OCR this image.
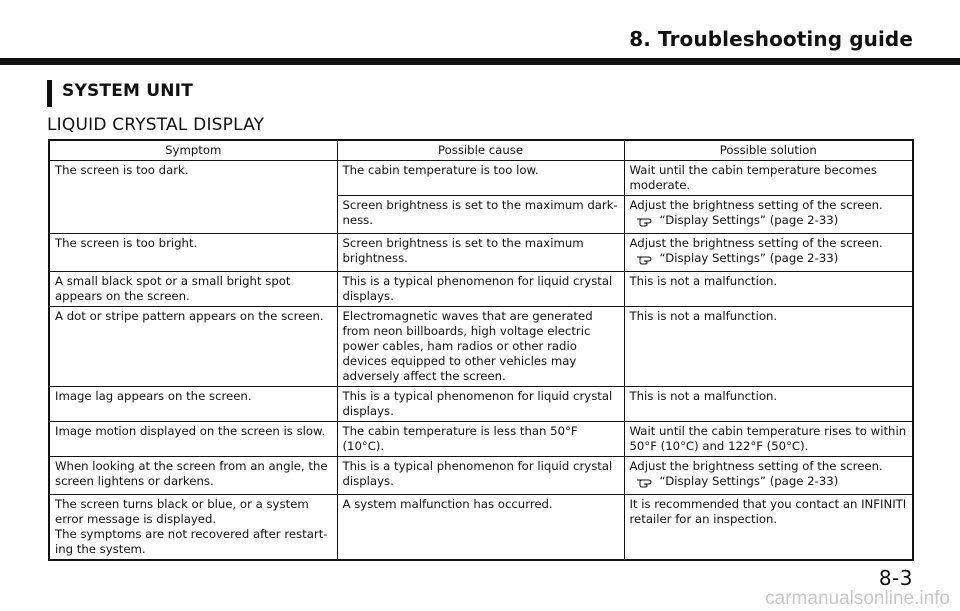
8. Troubleshooting guide
SYSTEM UNIT
LIQUID CRYSTAL DISPLAY
Symptom	Possible cause	Possible solution
The screen is too dark.	The cabin temperature is too low.	Wait until the cabin temperature becomes moderate.
	Screen brightness is set to the maximum dark-ness.	Adjust the brightness setting of the screen.
“Display Settings” (page 2-33)

The screen is too bright.	Screen brightness is set to the maximum brightness.	Adjust the brightness setting of the screen.
“Display Settings” (page 2-33)

A small black spot or a small bright spot appears on the screen.	This is a typical phenomenon for liquid crystal displays.	This is not a malfunction.
A dot or stripe pattern appears on the screen.	Electromagnetic waves that are generated from neon billboards, high voltage electric power cables, ham radios or other radio devices equipped to other vehicles may adversely affect the screen.	This is not a malfunction.
Image lag appears on the screen.	This is a typical phenomenon for liquid crystal displays.	This is not a malfunction.
Image motion displayed on the screen is slow.	The cabin temperature is less than 50°F (10°C).	Wait until the cabin temperature rises to within 50°F (10°C) and 122°F (50°C).
When looking at the screen from an angle, the screen lightens or darkens.	This is a typical phenomenon for liquid crystal displays.	Adjust the brightness setting of the screen.
“Display Settings” (page 2-33)

The screen turns black or blue, or a system error message is displayed.
The symptoms are not recovered after restart-ing the system.	A system malfunction has occurred.	It is recommended that you contact an INFINITI retailer for an inspection.
8-3
carmanualsonline.info
